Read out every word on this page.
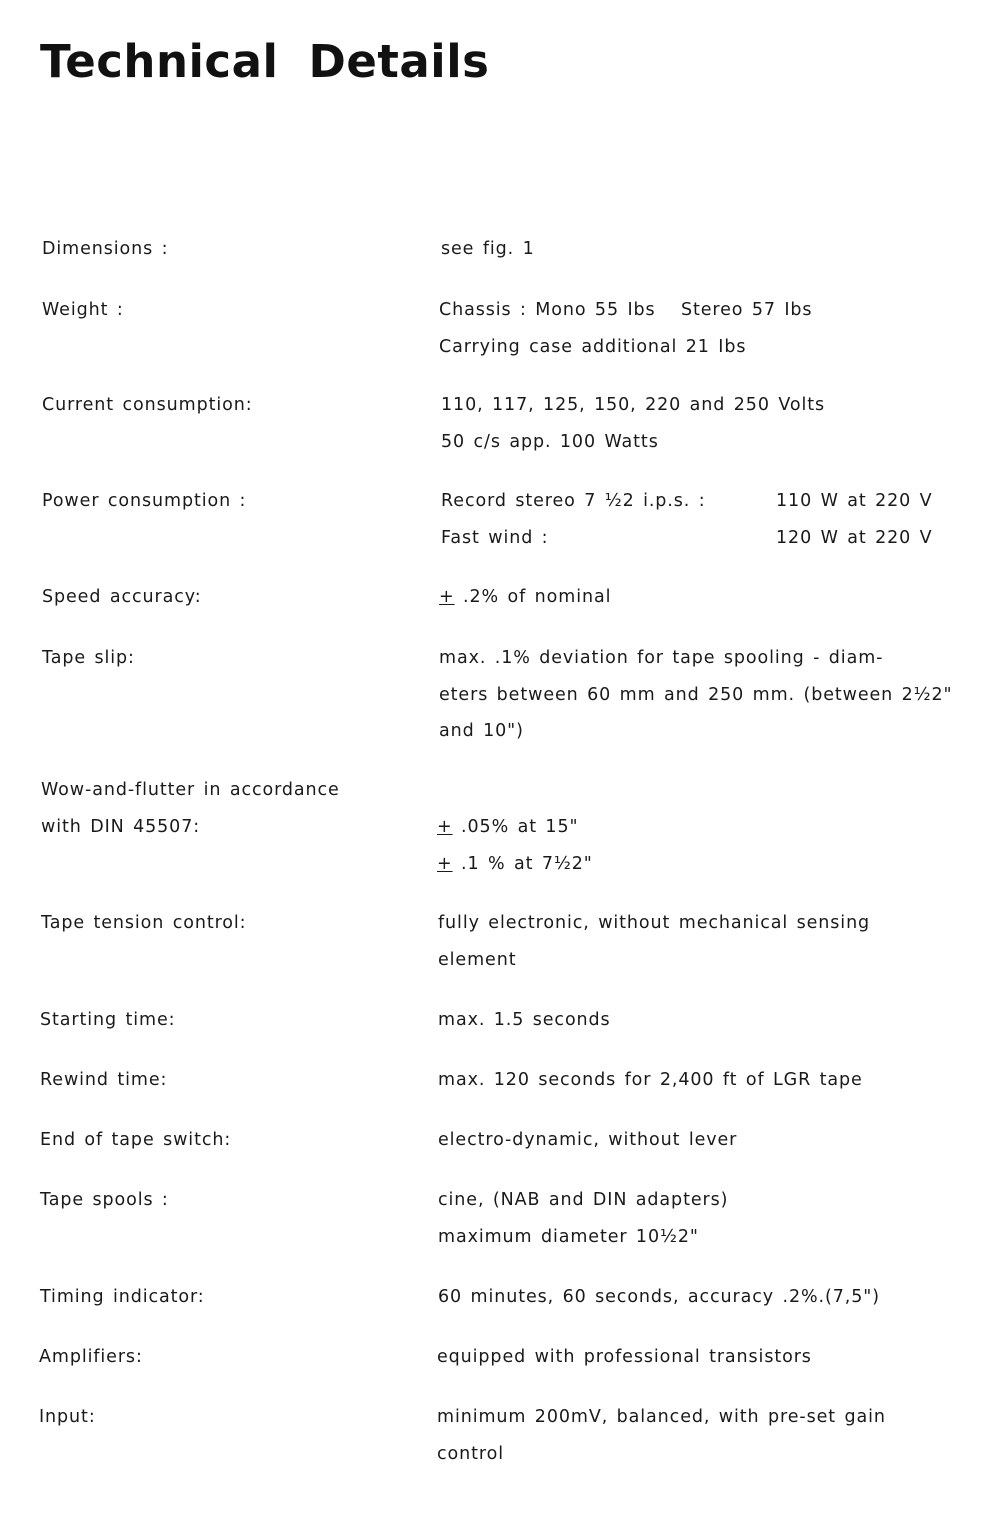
Technical Details
Dimensions :	see fig. 1
Weight :	Chassis : Mono 55 Ibs   Stereo 57 Ibs
Carrying case additional 21 Ibs
Current consumption:	110, 117, 125, 150, 220 and 250 Volts
50 c/s app. 100 Watts
Power consumption :	Record stereo 7 ½2 i.p.s. :	110 W at 220 V
Fast wind :	120 W at 220 V
Speed accuracy:	+ .2% of nominal
Tape slip:	max. .1% deviation for tape spooling - diam-
eters between 60 mm and 250 mm. (between 2½2"
and 10")
Wow-and-flutter in accordance
with DIN 45507:	+ .05% at 15"
+ .1 % at 7½2"
Tape tension control:	fully electronic, without mechanical sensing
element
Starting time:	max. 1.5 seconds
Rewind time:	max. 120 seconds for 2,400 ft of LGR tape
End of tape switch:	electro-dynamic, without lever
Tape spools :	cine, (NAB and DIN adapters)
maximum diameter 10½2"
Timing indicator:	60 minutes, 60 seconds, accuracy .2%.(7,5")
Amplifiers:	equipped with professional transistors
Input:	minimum 200mV, balanced, with pre-set gain
control
